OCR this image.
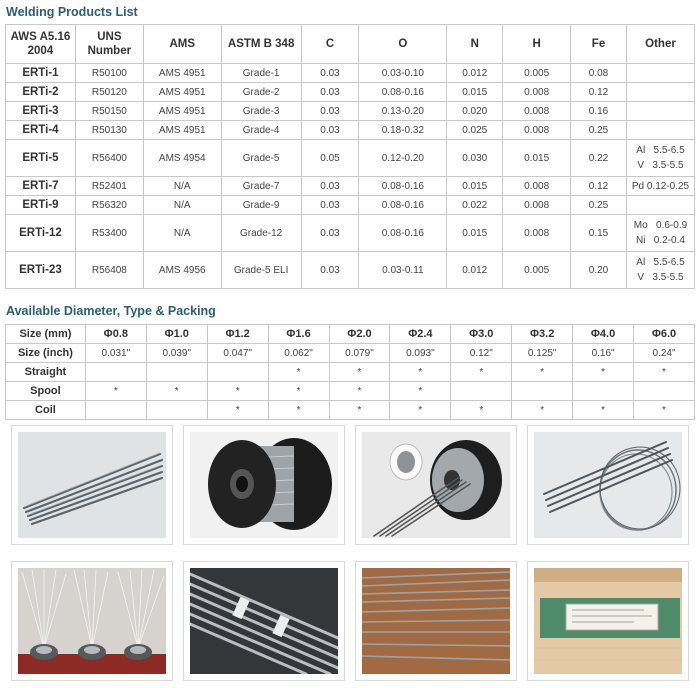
Welding Products List
AWS A5.16
2004	UNS
Number	AMS	ASTM B 348	C	O	N	H	Fe	Other
ERTi-1	R50100	AMS 4951	Grade-1	0.03	0.03-0.10	0.012	0.005	0.08	
ERTi-2	R50120	AMS 4951	Grade-2	0.03	0.08-0.16	0.015	0.008	0.12	
ERTi-3	R50150	AMS 4951	Grade-3	0.03	0.13-0.20	0.020	0.008	0.16	
ERTi-4	R50130	AMS 4951	Grade-4	0.03	0.18-0.32	0.025	0.008	0.25	
ERTi-5	R56400	AMS 4954	Grade-5	0.05	0.12-0.20	0.030	0.015	0.22	Al   5.5-6.5
V   3.5-5.5
ERTi-7	R52401	N/A	Grade-7	0.03	0.08-0.16	0.015	0.008	0.12	Pd 0.12-0.25
ERTi-9	R56320	N/A	Grade-9	0.03	0.08-0.16	0.022	0.008	0.25	
ERTi-12	R53400	N/A	Grade-12	0.03	0.08-0.16	0.015	0.008	0.15	Mo   0.6-0.9
Ni   0.2-0.4
ERTi-23	R56408	AMS 4956	Grade-5 ELI	0.03	0.03-0.11	0.012	0.005	0.20	Al   5.5-6.5
V   3.5-5.5
Available Diameter, Type & Packing
Size (mm)	Φ0.8	Φ1.0	Φ1.2	Φ1.6	Φ2.0	Φ2.4	Φ3.0	Φ3.2	Φ4.0	Φ6.0
Size (inch)	0.031"	0.039"	0.047"	0.062"	0.079"	0.093"	0.12"	0.125"	0.16"	0.24"
Straight				*	*	*	*	*	*	*
Spool	*	*	*	*	*	*				
Coil			*	*	*	*	*	*	*	*
